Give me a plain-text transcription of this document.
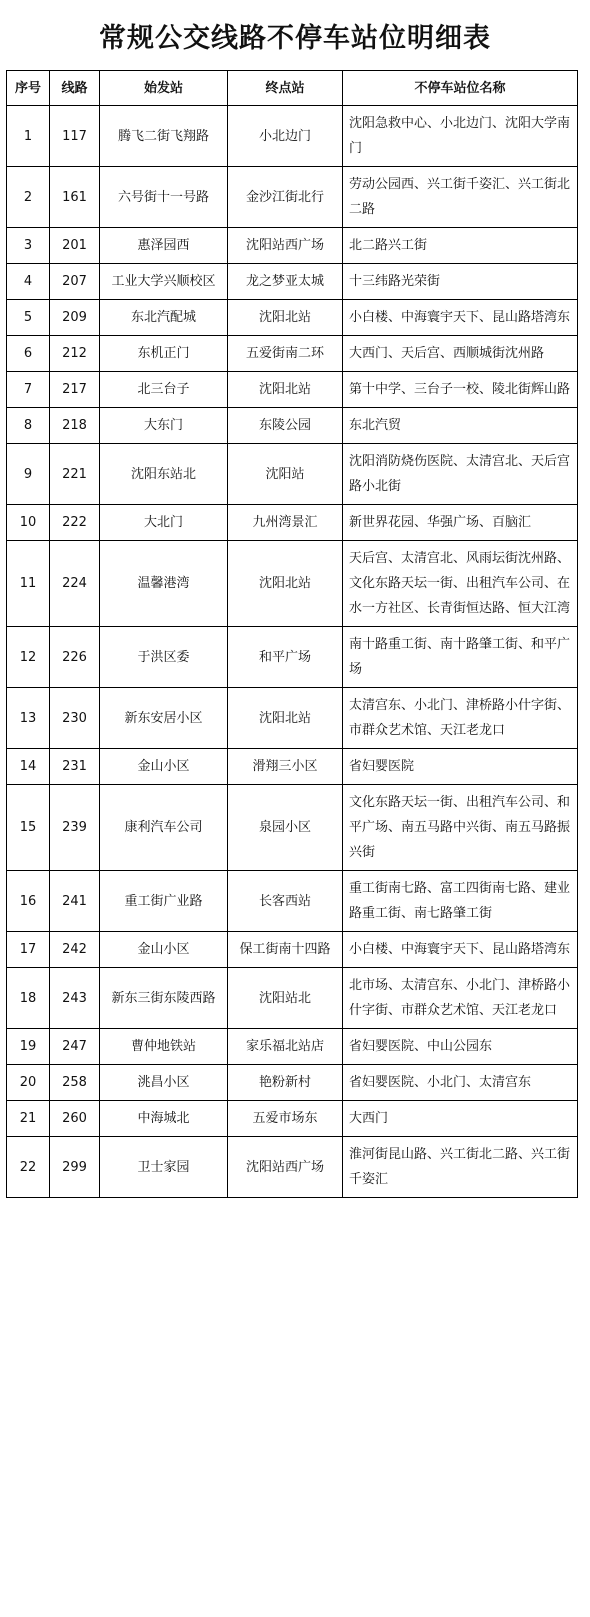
常规公交线路不停车站位明细表
序号	线路	始发站	终点站	不停车站位名称
1	117	腾飞二街飞翔路	小北边门	沈阳急救中心、小北边门、沈阳大学南门
2	161	六号街十一号路	金沙江街北行	劳动公园西、兴工街千姿汇、兴工街北二路
3	201	惠泽园西	沈阳站西广场	北二路兴工街
4	207	工业大学兴顺校区	龙之梦亚太城	十三纬路光荣街
5	209	东北汽配城	沈阳北站	小白楼、中海寰宇天下、昆山路塔湾东
6	212	东机正门	五爱街南二环	大西门、天后宫、西顺城街沈州路
7	217	北三台子	沈阳北站	第十中学、三台子一校、陵北街辉山路
8	218	大东门	东陵公园	东北汽贸
9	221	沈阳东站北	沈阳站	沈阳消防烧伤医院、太清宫北、天后宫路小北街
10	222	大北门	九州湾景汇	新世界花园、华强广场、百脑汇
11	224	温馨港湾	沈阳北站	天后宫、太清宫北、风雨坛街沈州路、文化东路天坛一街、出租汽车公司、在水一方社区、长青街恒达路、恒大江湾
12	226	于洪区委	和平广场	南十路重工街、南十路肇工街、和平广场
13	230	新东安居小区	沈阳北站	太清宫东、小北门、津桥路小什字街、市群众艺术馆、天江老龙口
14	231	金山小区	滑翔三小区	省妇婴医院
15	239	康利汽车公司	泉园小区	文化东路天坛一街、出租汽车公司、和平广场、南五马路中兴街、南五马路振兴街
16	241	重工街广业路	长客西站	重工街南七路、富工四街南七路、建业路重工街、南七路肇工街
17	242	金山小区	保工街南十四路	小白楼、中海寰宇天下、昆山路塔湾东
18	243	新东三街东陵西路	沈阳站北	北市场、太清宫东、小北门、津桥路小什字街、市群众艺术馆、天江老龙口
19	247	曹仲地铁站	家乐福北站店	省妇婴医院、中山公园东
20	258	洮昌小区	艳粉新村	省妇婴医院、小北门、太清宫东
21	260	中海城北	五爱市场东	大西门
22	299	卫士家园	沈阳站西广场	淮河街昆山路、兴工街北二路、兴工街千姿汇
